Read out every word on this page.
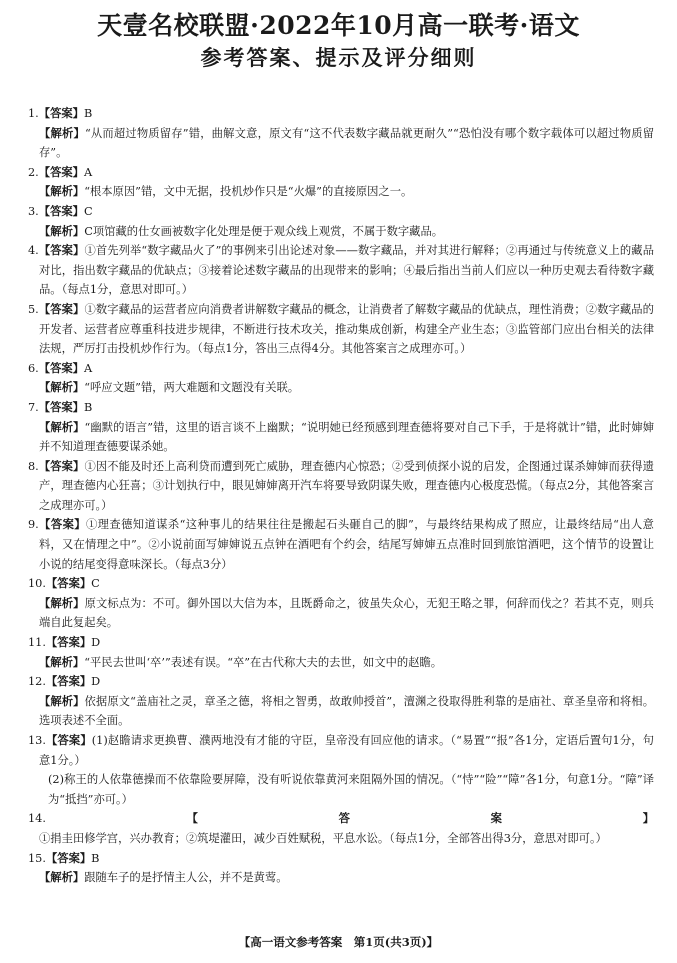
天壹名校联盟·2022年10月高一联考·语文
参考答案、提示及评分细则
1.【答案】B
【解析】“从而超过物质留存”错，曲解文意，原文有“这不代表数字藏品就更耐久”“恐怕没有哪个数字载体可以超过物质留存”。
2.【答案】A
【解析】“根本原因”错，文中无据，投机炒作只是“火爆”的直接原因之一。
3.【答案】C
【解析】C项馆藏的仕女画被数字化处理是便于观众线上观赏，不属于数字藏品。
4.【答案】①首先列举“数字藏品火了”的事例来引出论述对象——数字藏品，并对其进行解释；②再通过与传统意义上的藏品对比，指出数字藏品的优缺点；③接着论述数字藏品的出现带来的影响；④最后指出当前人们应以一种历史观去看待数字藏品。（每点1分，意思对即可。）
5.【答案】①数字藏品的运营者应向消费者讲解数字藏品的概念，让消费者了解数字藏品的优缺点，理性消费；②数字藏品的开发者、运营者应尊重科技进步规律，不断进行技术攻关，推动集成创新，构建全产业生态；③监管部门应出台相关的法律法规，严厉打击投机炒作行为。（每点1分，答出三点得4分。其他答案言之成理亦可。）
6.【答案】A
【解析】“呼应文题”错，两大难题和文题没有关联。
7.【答案】B
【解析】“幽默的语言”错，这里的语言谈不上幽默；“说明她已经预感到理查德将要对自己下手，于是将就计”错，此时婶婶并不知道理查德要谋杀她。
8.【答案】①因不能及时还上高利贷而遭到死亡威胁，理查德内心惊恐；②受到侦探小说的启发，企图通过谋杀婶婶而获得遗产，理查德内心狂喜；③计划执行中，眼见婶婶离开汽车将要导致阴谋失败，理查德内心极度恐慌。（每点2分，其他答案言之成理亦可。）
9.【答案】①理查德知道谋杀“这种事儿的结果往往是搬起石头砸自己的脚”，与最终结果构成了照应，让最终结局“出人意料，又在情理之中”。②小说前面写婶婶说五点钟在酒吧有个约会，结尾写婶婶五点准时回到旅馆酒吧，这个情节的设置让小说的结尾变得意味深长。（每点3分）
10.【答案】C
【解析】原文标点为：不可。御外国以大信为本，且既爵命之，彼虽失众心，无犯王略之罪，何辞而伐之？若其不克，则兵端自此复起矣。
11.【答案】D
【解析】“平民去世叫‘卒’”表述有误。“卒”在古代称大夫的去世，如文中的赵瞻。
12.【答案】D
【解析】依据原文“盖庙社之灵，章圣之德，将相之智勇，故敢帅授首”，澶渊之役取得胜利靠的是庙社、章圣皇帝和将相。选项表述不全面。
13.【答案】(1)赵瞻请求更换曹、濮两地没有才能的守臣，皇帝没有回应他的请求。（“易置”“报”各1分，定语后置句1分，句意1分。）
(2)称王的人依靠德操而不依靠险要屏障，没有听说依靠黄河来阻隔外国的情况。（“恃”“险”“障”各1分，句意1分。“障”译为“抵挡”亦可。）
14.【答案】①捐圭田修学宫，兴办教育；②筑堤灌田，减少百姓赋税，平息水讼。（每点1分，全部答出得3分，意思对即可。）
15.【答案】B
【解析】跟随车子的是抒情主人公，并不是黄莺。
【高一语文参考答案　第1页(共3页)】
